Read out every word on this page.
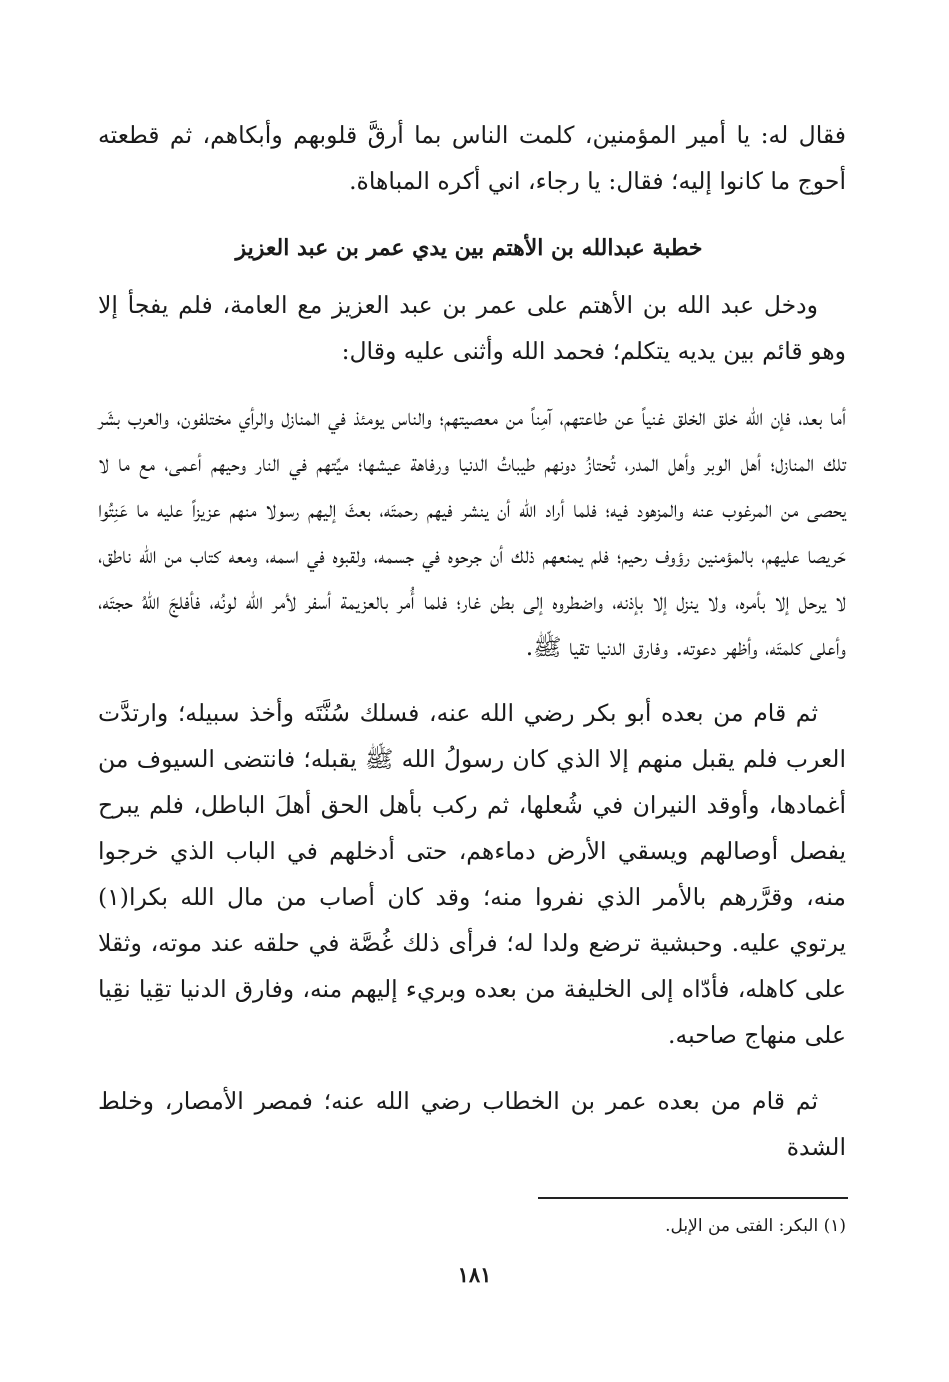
فقال له: يا أمير المؤمنين، كلمت الناس بما أرقَّ قلوبهم وأبكاهم، ثم قطعته أحوج ما كانوا إليه؛ فقال: يا رجاء، اني أكره المباهاة.

خطبة عبدالله بن الأهتم بين يدي عمر بن عبد العزيز

ودخل عبد الله بن الأهتم على عمر بن عبد العزيز مع العامة، فلم يفجأ إلا وهو قائم بين يديه يتكلم؛ فحمد الله وأثنى عليه وقال:

أما بعد، فإن الله خلق الخلق غنياً عن طاعتهم، آمِناً من معصيتهم؛ والناس يومئذ في المنازل والرأي مختلفون، والعرب بشَر تلك المنازل؛ أهل الوبر وأهل المدر، تُحتازُ دونهم طيباتُ الدنيا ورفاهة عيشها؛ ميِّتهم في النار وحيهم أعمى، مع ما لا يحصى من المرغوب عنه والمزهود فيه؛ فلما أراد الله أن ينشر فيهم رحمتَه، بعثَ إليهم رسولا منهم عزيزاً عليه ما عَنِتُوا حَريصا عليهم، بالمؤمنين رؤوف رحيم؛ فلم يمنعهم ذلك أن جرحوه في جسمه، ولقبوه في اسمه، ومعه كتاب من الله ناطق، لا يرحل إلا بأمره، ولا ينزل إلا بإذنه، واضطروه إلى بطن غار؛ فلما أُمر بالعزيمة أسفر لأمر الله لونُه، فأفلجَ اللهُ حجتَه، وأعلى كلمتَه، وأظهر دعوته. وفارق الدنيا تقيا ﷺ.

ثم قام من بعده أبو بكر رضي الله عنه، فسلك سُنَّتَه وأخذ سبيله؛ وارتدَّت العرب فلم يقبل منهم إلا الذي كان رسولُ الله ﷺ يقبله؛ فانتضى السيوف من أغمادها، وأوقد النيران في شُعلها، ثم ركب بأهل الحق أهلَ الباطل، فلم يبرح يفصل أوصالهم ويسقي الأرض دماءهم، حتى أدخلهم في الباب الذي خرجوا منه، وقرَّرهم بالأمر الذي نفروا منه؛ وقد كان أصاب من مال الله بكرا(١) يرتوي عليه. وحبشية ترضع ولدا له؛ فرأى ذلك غُصَّة في حلقه عند موته، وثقلا على كاهله، فأدّاه إلى الخليفة من بعده وبريء إليهم منه، وفارق الدنيا تقِيا نقِيا على منهاج صاحبه.

ثم قام من بعده عمر بن الخطاب رضي الله عنه؛ فمصر الأمصار، وخلط الشدة

(١) البكر: الفتى من الإبل.
١٨١
